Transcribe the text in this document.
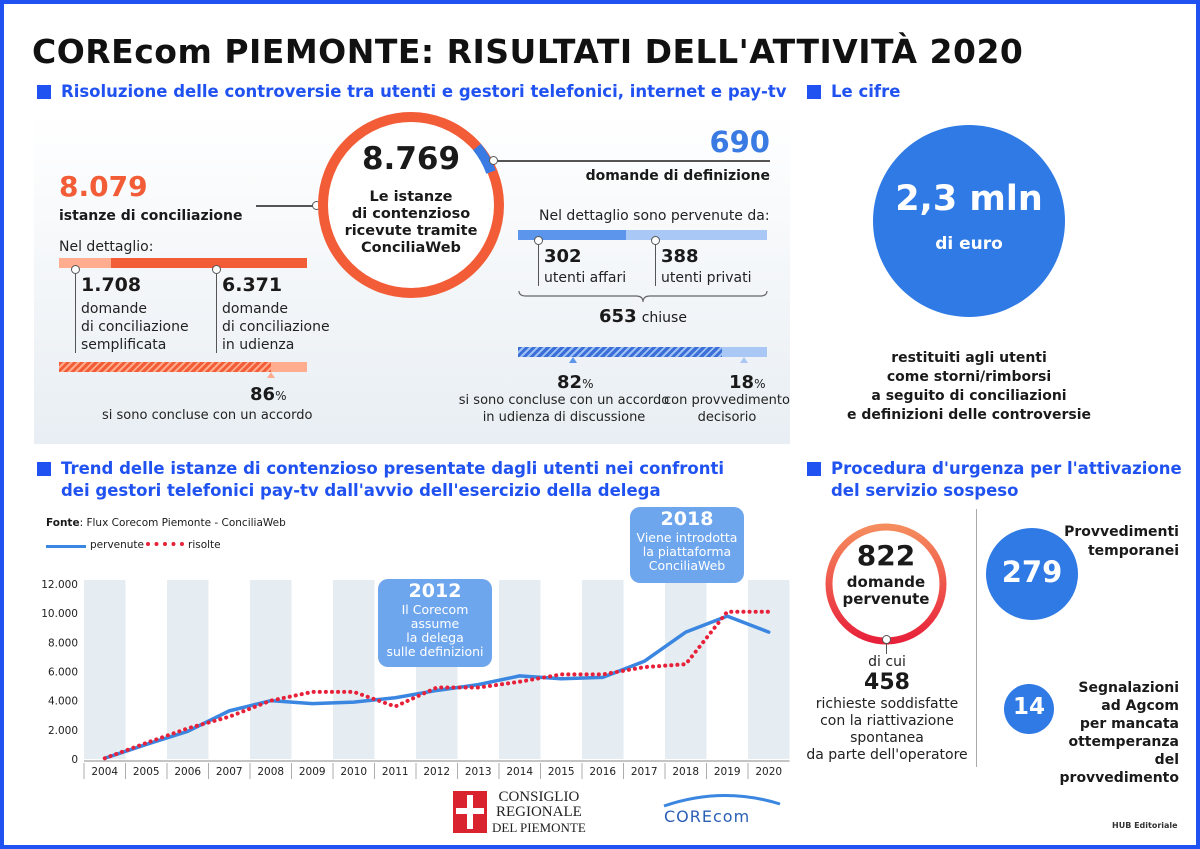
COREcom PIEMONTE: RISULTATI DELL'ATTIVITÀ 2020
Risoluzione delle controversie tra utenti e gestori telefonici, internet e pay-tv	Le cifre
8.079
istanze di conciliazione
Nel dettaglio:
1.708
domande
di conciliazione
semplificata
6.371
domande
di conciliazione
in udienza
86%
si sono concluse con un accordo
8.769
Le istanze
di contenzioso
ricevute tramite
ConciliaWeb
690
domande di definizione
Nel dettaglio sono pervenute da:
302
utenti affari
388
utenti privati
653 chiuse
82%
si sono concluse con un accordo
in udienza di discussione
18%
con provvedimento
decisorio
2,3 mln
di euro
restituiti agli utenti
come storni/rimborsi
a seguito di conciliazioni
e definizioni delle controversie
Trend delle istanze di contenzioso presentate dagli utenti nei confronti
dei gestori telefonici pay-tv dall'avvio dell'esercizio della delega
Procedura d'urgenza per l'attivazione
del servizio sospeso
Fonte: Flux Corecom Piemonte - ConciliaWeb
pervenute	risolte
0
2.000
4.000
6.000
8.000
10.000
12.000
2004 2005 2006 2007 2008 2009 2010 2011 2012 2013 2014 2015 2016 2017 2018 2019 2020
2012
Il Corecom
assume
la delega
sulle definizioni
2018
Viene introdotta
la piattaforma
ConciliaWeb	822
domande
pervenute
di cui
458
richieste soddisfatte
con la riattivazione
spontanea
da parte dell'operatore
279
Provvedimenti
temporanei
14
Segnalazioni
ad Agcom
per mancata
ottemperanza
del provvedimento
CONSIGLIO
REGIONALE
DEL PIEMONTE
COREcom	HUB Editoriale
